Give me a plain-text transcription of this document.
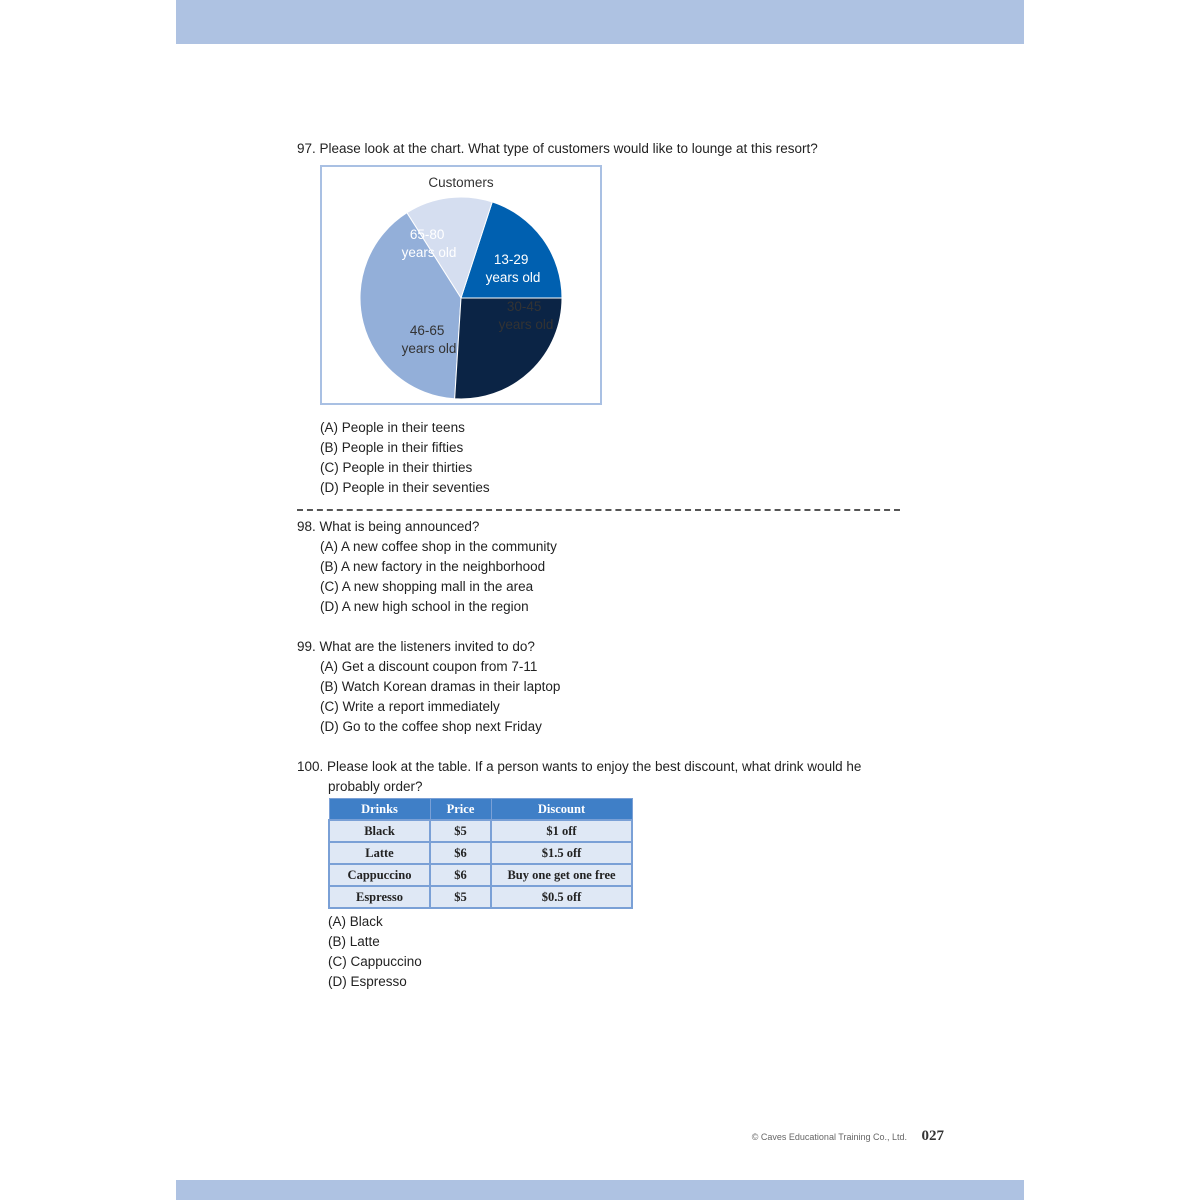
97. Please look at the chart. What type of customers would like to lounge at this resort?
Customers
13-29 years old
30-45 years old
46-65 years old
65-80 years old
(A) People in their teens
(B) People in their fifties
(C) People in their thirties
(D) People in their seventies
98. What is being announced?
(A) A new coffee shop in the community
(B) A new factory in the neighborhood
(C) A new shopping mall in the area
(D) A new high school in the region
99. What are the listeners invited to do?
(A) Get a discount coupon from 7-11
(B) Watch Korean dramas in their laptop
(C) Write a report immediately
(D) Go to the coffee shop next Friday
100. Please look at the table. If a person wants to enjoy the best discount, what drink would he
probably order?
Drinks	Price	Discount
Black	$5	$1 off
Latte	$6	$1.5 off
Cappuccino	$6	Buy one get one free
Espresso	$5	$0.5 off
(A) Black
(B) Latte
(C) Cappuccino
(D) Espresso
© Caves Educational Training Co., Ltd. 027
